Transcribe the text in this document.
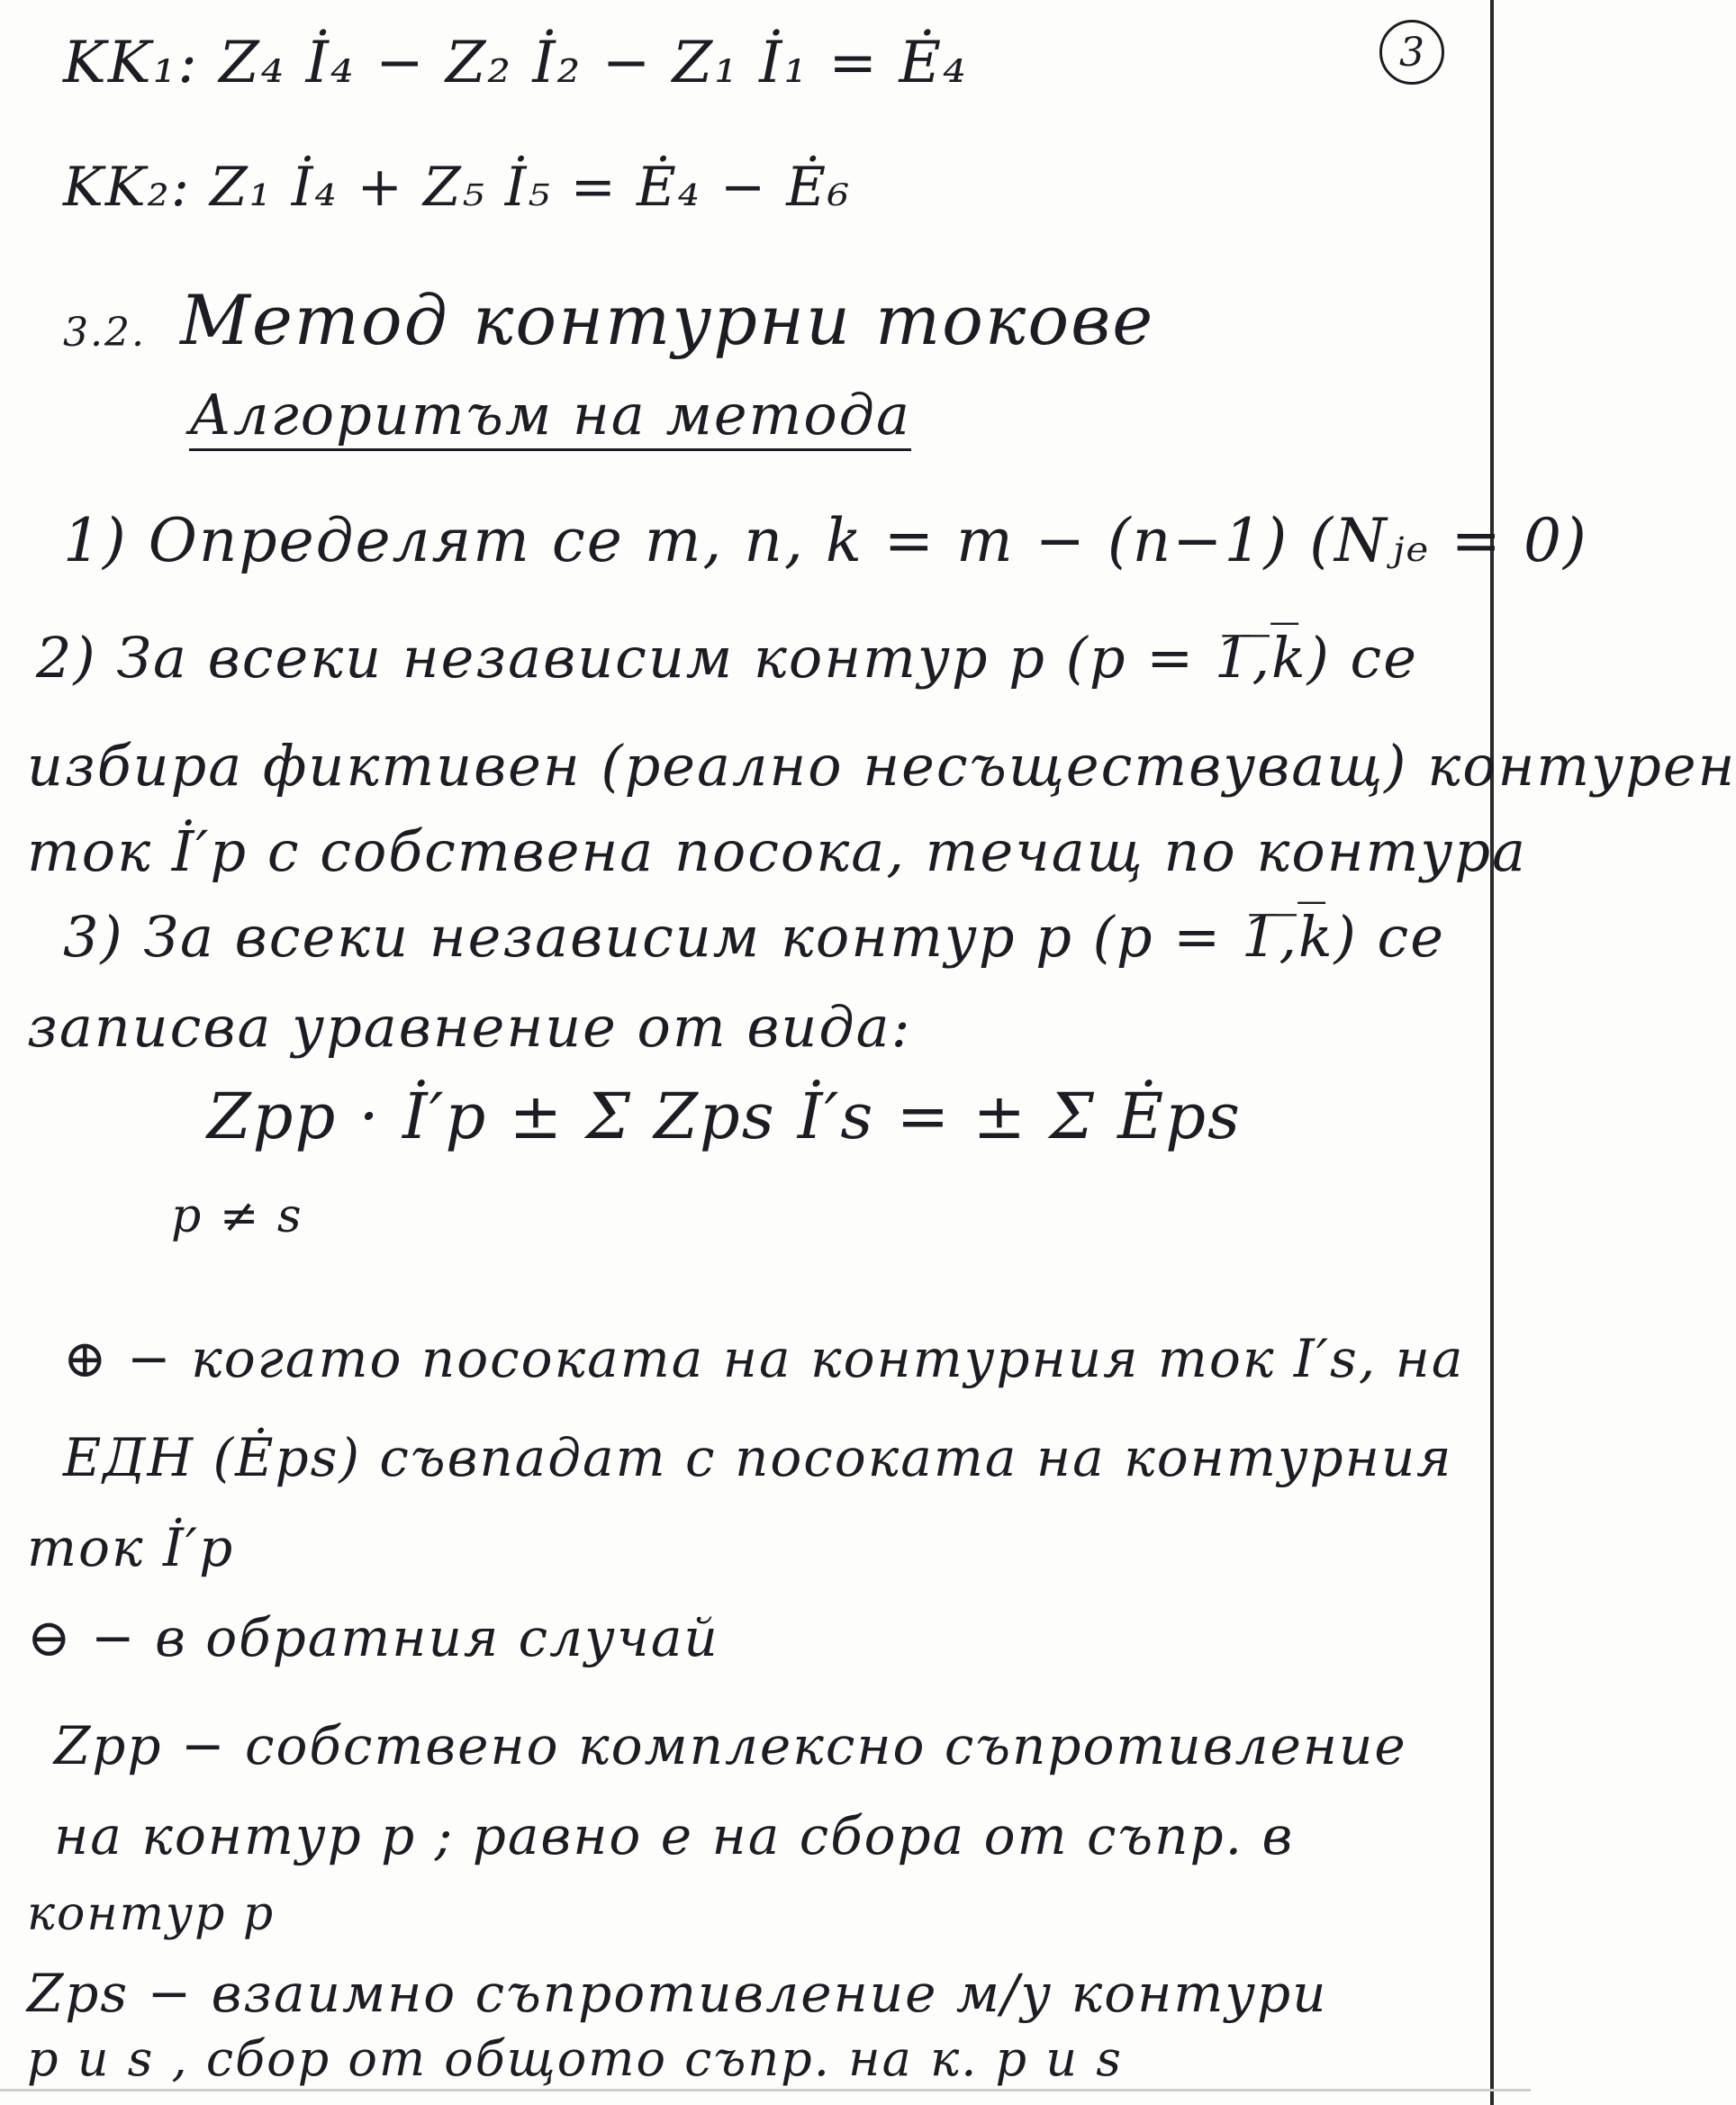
3
KK₁: Z₄ İ₄ − Z₂ İ₂ − Z₁ İ₁ = Ė₄
KK₂: Z₁ İ₄ + Z₅ İ₅ = Ė₄ − Ė₆
3.2. Метод контурни токове
Алгоритъм на метода
1) Определят се m, n, k = m − (n−1) (Nⱼₑ = 0)
2) За всеки независим контур p (p = 1̅,̅k̅) се
избира фиктивен (реално несъществуващ) контурен
ток İ′p с собствена посока, течащ по контура
3) За всеки независим контур p (p = 1̅,̅k̅) се
записва уравнение от вида:
Zpp · İ′p ± Σ Zps İ′s = ± Σ Ėps
p ≠ s
⊕ − когато посоката на контурния ток I′s, на
ЕДН (Ėps) съвпадат с посоката на контурния
ток İ′p
⊖ − в обратния случай
Zpp − собствено комплексно съпротивление
на контур p ; равно е на сбора от съпр. в
контур p
Zps − взаимно съпротивление м/у контури
p и s , сбор от общото съпр. на к. p и s
